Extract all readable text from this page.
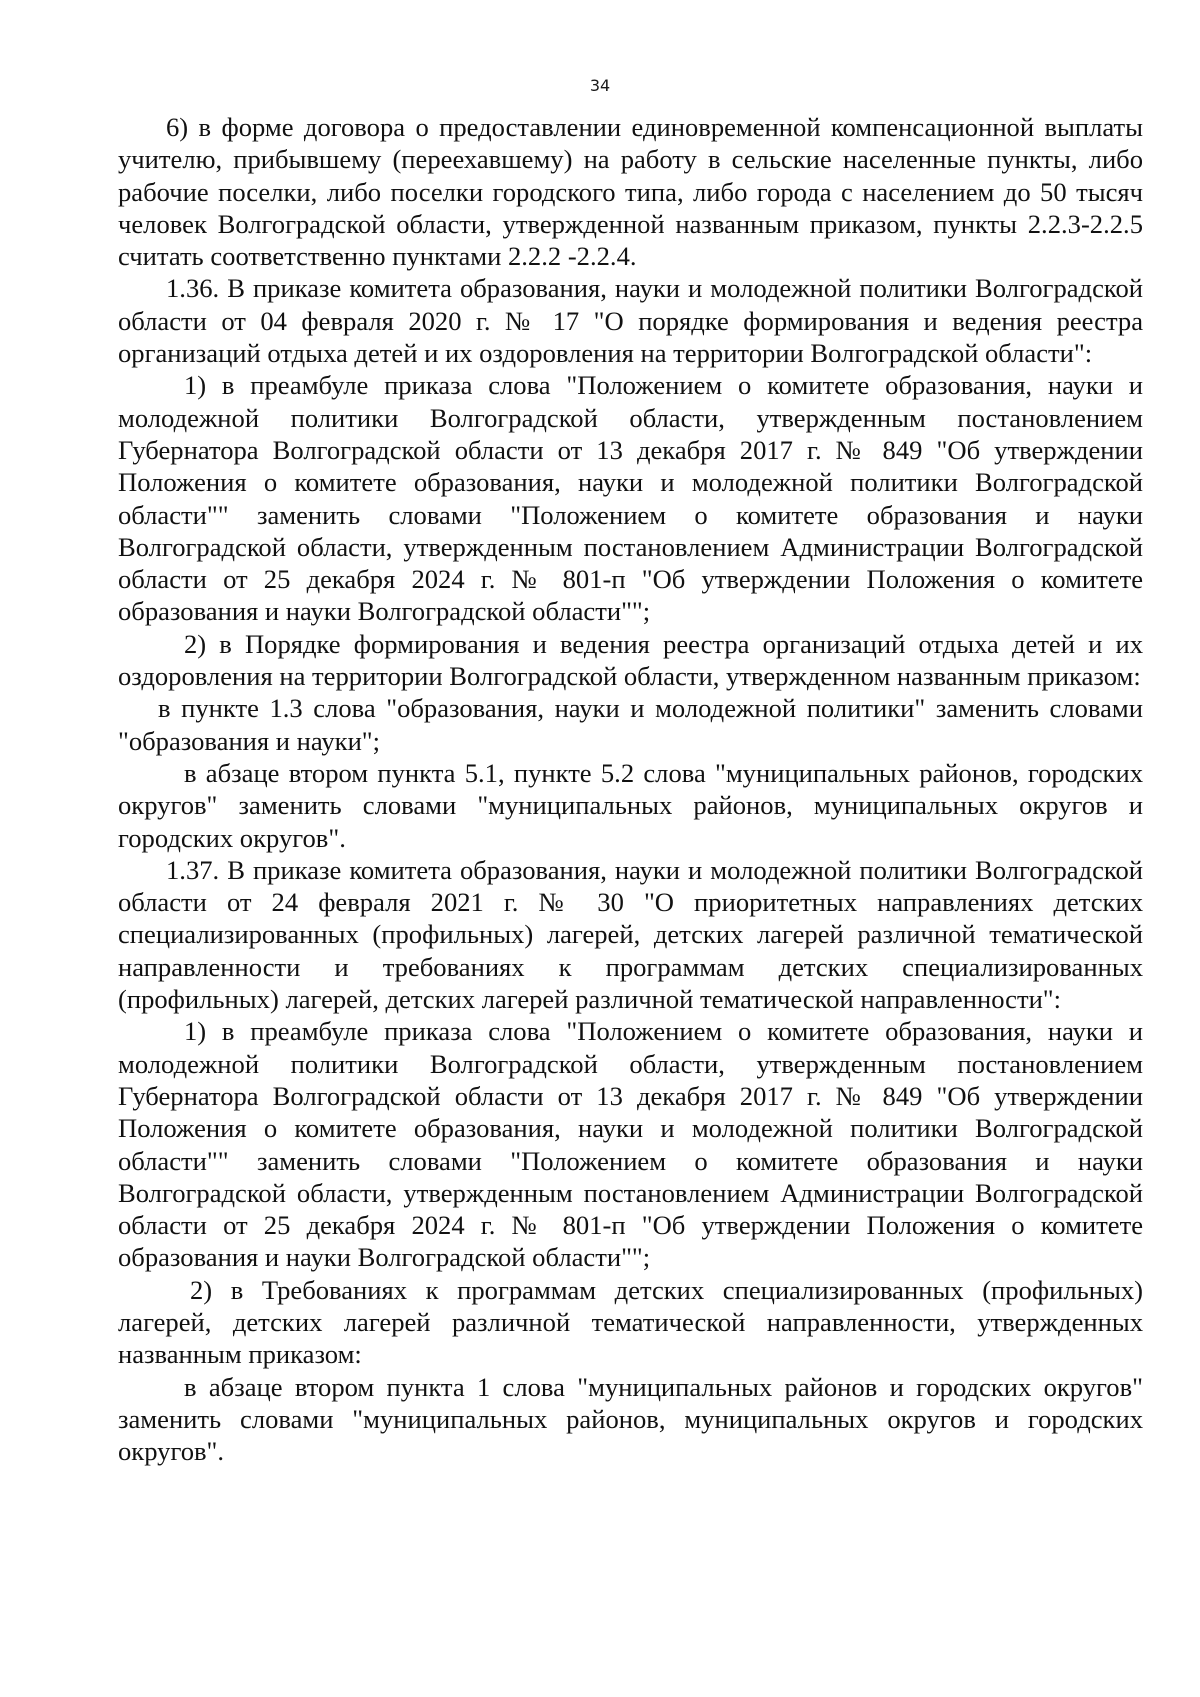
34

6) в форме договора о предоставлении единовременной компенсационной выплаты учителю, прибывшему (переехавшему) на работу в сельские населенные пункты, либо рабочие поселки, либо поселки городского типа, либо города с населением до 50 тысяч человек Волгоградской области, утвержденной названным приказом, пункты 2.2.3-2.2.5 считать соответственно пунктами 2.2.2 -2.2.4.

1.36. В приказе комитета образования, науки и молодежной политики Волгоградской области от 04 февраля 2020 г. № 17 "О порядке формирования и ведения реестра организаций отдыха детей и их оздоровления на территории Волгоградской области":

1) в преамбуле приказа слова "Положением о комитете образования, науки и молодежной политики Волгоградской области, утвержденным постановлением Губернатора Волгоградской области от 13 декабря 2017 г. № 849 "Об утверждении Положения о комитете образования, науки и молодежной политики Волгоградской области"" заменить словами "Положением о комитете образования и науки Волгоградской области, утвержденным постановлением Администрации Волгоградской области от 25 декабря 2024 г. № 801-п "Об утверждении Положения о комитете образования и науки Волгоградской области"";

2) в Порядке формирования и ведения реестра организаций отдыха детей и их оздоровления на территории Волгоградской области, утвержденном названным приказом:

в пункте 1.3 слова "образования, науки и молодежной политики" заменить словами "образования и науки";

в абзаце втором пункта 5.1, пункте 5.2 слова "муниципальных районов, городских округов" заменить словами "муниципальных районов, муниципальных округов и городских округов".

1.37. В приказе комитета образования, науки и молодежной политики Волгоградской области от 24 февраля 2021 г. № 30 "О приоритетных направлениях детских специализированных (профильных) лагерей, детских лагерей различной тематической направленности и требованиях к программам детских специализированных (профильных) лагерей, детских лагерей различной тематической направленности":

1) в преамбуле приказа слова "Положением о комитете образования, науки и молодежной политики Волгоградской области, утвержденным постановлением Губернатора Волгоградской области от 13 декабря 2017 г. № 849 "Об утверждении Положения о комитете образования, науки и молодежной политики Волгоградской области"" заменить словами "Положением о комитете образования и науки Волгоградской области, утвержденным постановлением Администрации Волгоградской области от 25 декабря 2024 г. № 801-п "Об утверждении Положения о комитете образования и науки Волгоградской области"";

2) в Требованиях к программам детских специализированных (профильных) лагерей, детских лагерей различной тематической направленности, утвержденных названным приказом:

в абзаце втором пункта 1 слова "муниципальных районов и городских округов" заменить словами "муниципальных районов, муниципальных округов и городских округов".
